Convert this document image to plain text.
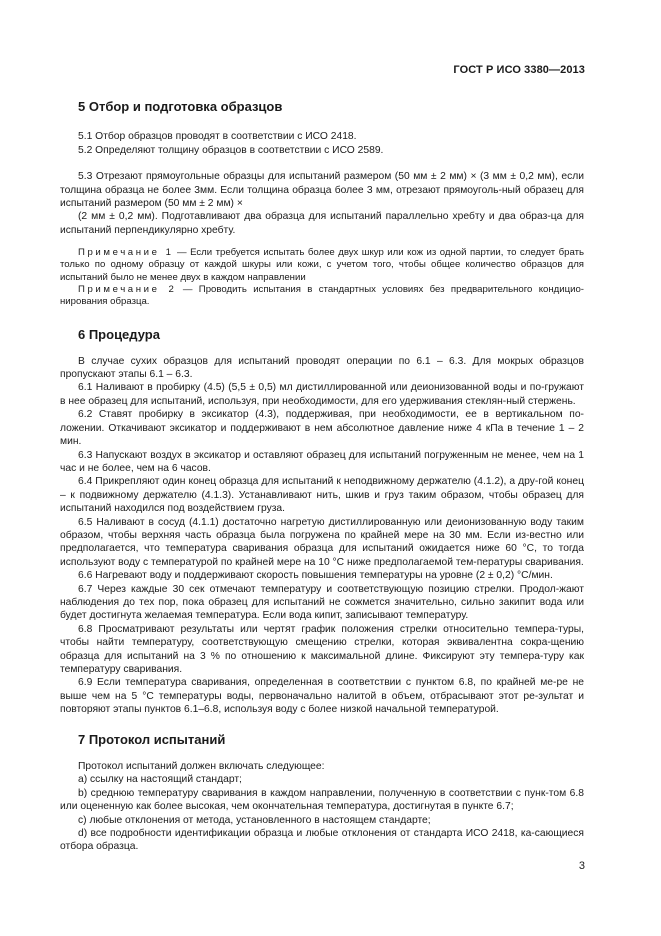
ГОСТ Р ИСО 3380—2013
5 Отбор и подготовка образцов

5.1 Отбор образцов проводят в соответствии с ИСО 2418.

5.2 Определяют толщину образцов в соответствии с ИСО 2589.

5.3 Отрезают прямоугольные образцы для испытаний размером (50 мм ± 2 мм) × (3 мм ± 0,2 мм), если толщина образца не более 3мм. Если толщина образца более 3 мм, отрезают прямоуголь-ный образец для испытаний размером (50 мм ± 2 мм) ×

(2 мм ± 0,2 мм). Подготавливают два образца для испытаний параллельно хребту и два образ-ца для испытаний перпендикулярно хребту.

Примечание 1 — Если требуется испытать более двух шкур или кож из одной партии, то следует брать только по одному образцу от каждой шкуры или кожи, с учетом того, чтобы общее количество образцов для испытаний было не менее двух в каждом направлении

Примечание 2 — Проводить испытания в стандартных условиях без предварительного кондицио-нирования образца.

6 Процедура

В случае сухих образцов для испытаний проводят операции по 6.1 – 6.3. Для мокрых образцов пропускают этапы 6.1 – 6.3.

6.1 Наливают в пробирку (4.5) (5,5 ± 0,5) мл дистиллированной или деионизованной воды и по-гружают в нее образец для испытаний, используя, при необходимости, для его удерживания стеклян-ный стержень.

6.2 Ставят пробирку в эксикатор (4.3), поддерживая, при необходимости, ее в вертикальном по-ложении. Откачивают эксикатор и поддерживают в нем абсолютное давление ниже 4 кПа в течение 1 – 2 мин.

6.3 Напускают воздух в эксикатор и оставляют образец для испытаний погруженным не менее, чем на 1 час и не более, чем на 6 часов.

6.4 Прикрепляют один конец образца для испытаний к неподвижному держателю (4.1.2), а дру-гой конец – к подвижному держателю (4.1.3). Устанавливают нить, шкив и груз таким образом, чтобы образец для испытаний находился под воздействием груза.

6.5 Наливают в сосуд (4.1.1) достаточно нагретую дистиллированную или деионизованную воду таким образом, чтобы верхняя часть образца была погружена по крайней мере на 30 мм. Если из-вестно или предполагается, что температура сваривания образца для испытаний ожидается ниже 60 °С, то тогда используют воду с температурой по крайней мере на 10 °С ниже предполагаемой тем-пературы сваривания.

6.6 Нагревают воду и поддерживают скорость повышения температуры на уровне (2 ± 0,2) °С/мин.

6.7 Через каждые 30 сек отмечают температуру и соответствующую позицию стрелки. Продол-жают наблюдения до тех пор, пока образец для испытаний не сожмется значительно, сильно закипит вода или будет достигнута желаемая температура. Если вода кипит, записывают температуру.

6.8 Просматривают результаты или чертят график положения стрелки относительно темпера-туры, чтобы найти температуру, соответствующую смещению стрелки, которая эквивалентна сокра-щению образца для испытаний на 3 % по отношению к максимальной длине. Фиксируют эту темпера-туру как температуру сваривания.

6.9 Если температура сваривания, определенная в соответствии с пунктом 6.8, по крайней ме-ре не выше чем на 5 °С температуры воды, первоначально налитой в объем, отбрасывают этот ре-зультат и повторяют этапы пунктов 6.1–6.8, используя воду с более низкой начальной температурой.

7 Протокол испытаний

Протокол испытаний должен включать следующее:

a) ссылку на настоящий стандарт;

b) среднюю температуру сваривания в каждом направлении, полученную в соответствии с пунк-том 6.8 или оцененную как более высокая, чем окончательная температура, достигнутая в пункте 6.7;

c) любые отклонения от метода, установленного в настоящем стандарте;

d) все подробности идентификации образца и любые отклонения от стандарта ИСО 2418, ка-сающиеся отбора образца.

3
